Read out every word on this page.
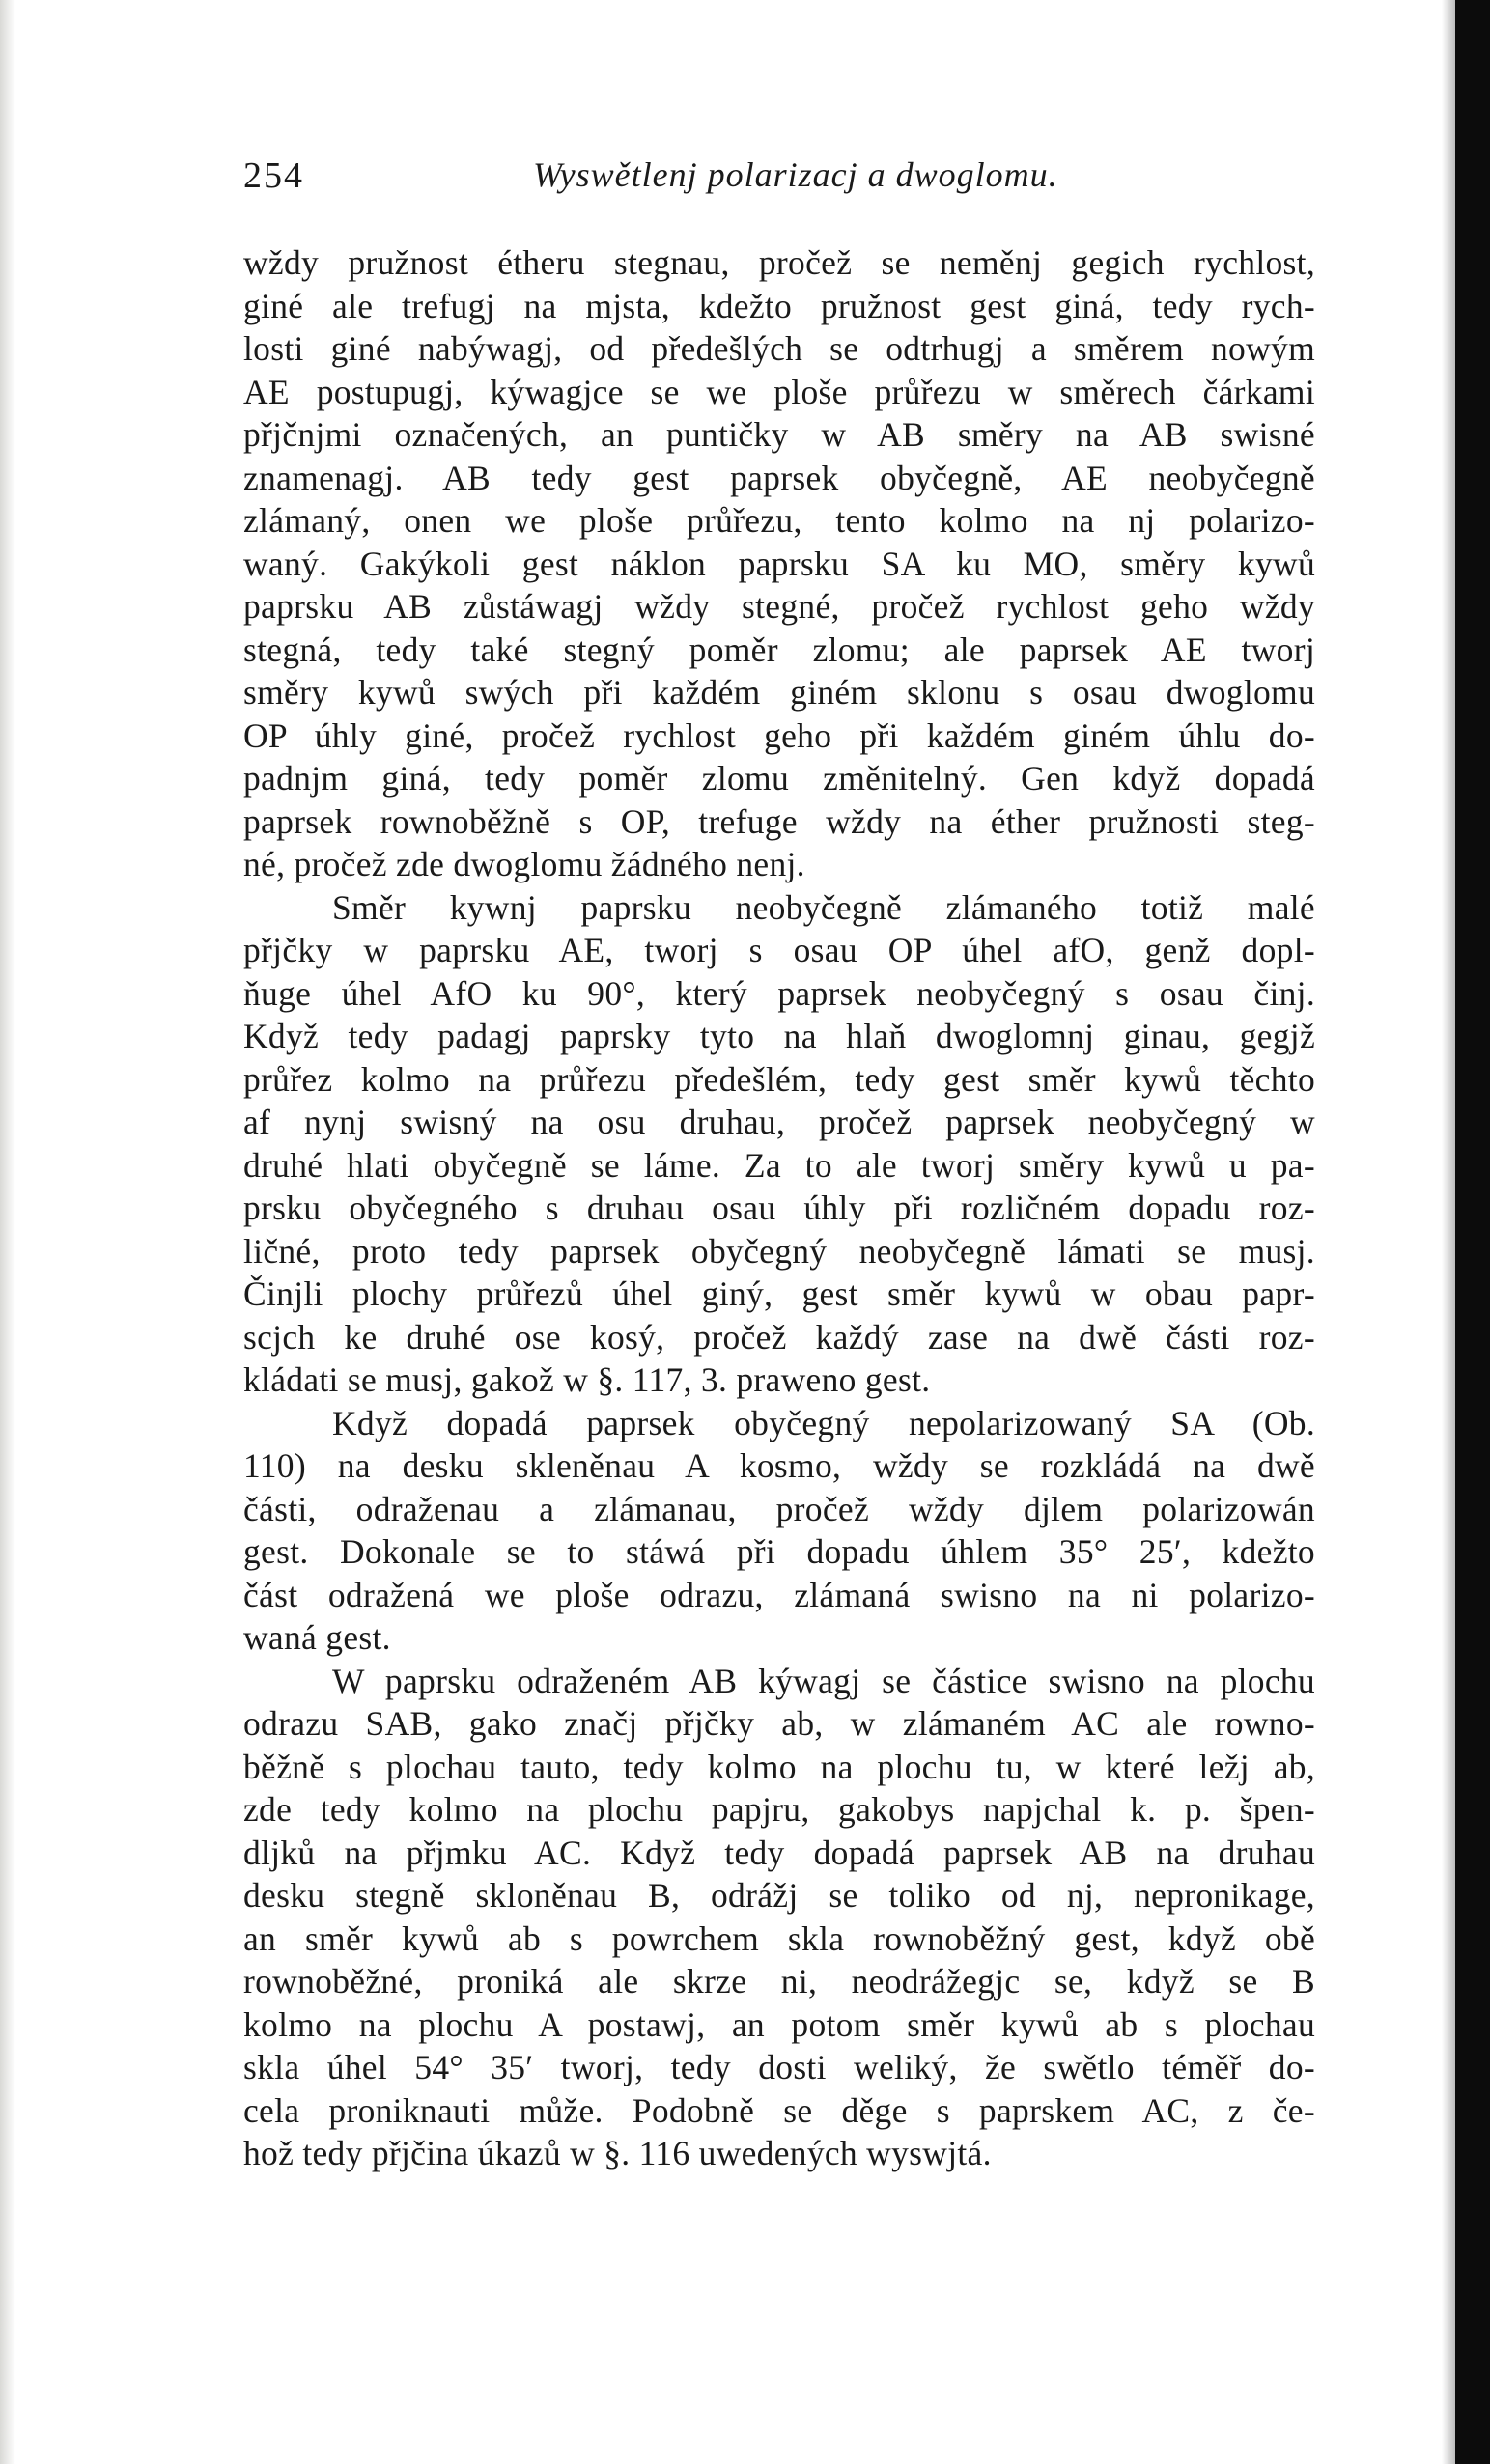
254	Wyswětlenj polarizacj a dwoglomu.
wždy pružnost étheru stegnau, pročež se neměnj gegich rychlost,
giné ale trefugj na mjsta, kdežto pružnost gest giná, tedy rych-
losti giné nabýwagj, od předešlých se odtrhugj a směrem nowým
AE postupugj, kýwagjce se we ploše průřezu w směrech čárkami
přjčnjmi označených, an puntičky w AB směry na AB swisné
znamenagj. AB tedy gest paprsek obyčegně, AE neobyčegně
zlámaný, onen we ploše průřezu, tento kolmo na nj polarizo-
waný. Gakýkoli gest náklon paprsku SA ku MO, směry kywů
paprsku AB zůstáwagj wždy stegné, pročež rychlost geho wždy
stegná, tedy také stegný poměr zlomu; ale paprsek AE tworj
směry kywů swých při každém giném sklonu s osau dwoglomu
OP úhly giné, pročež rychlost geho při každém giném úhlu do-
padnjm giná, tedy poměr zlomu změnitelný. Gen když dopadá
paprsek rownoběžně s OP, trefuge wždy na éther pružnosti steg-
né, pročež zde dwoglomu žádného nenj.
Směr kywnj paprsku neobyčegně zlámaného totiž malé
přjčky w paprsku AE, tworj s osau OP úhel afO, genž dopl-
ňuge úhel AfO ku 90°, který paprsek neobyčegný s osau činj.
Když tedy padagj paprsky tyto na hlaň dwoglomnj ginau, gegjž
průřez kolmo na průřezu předešlém, tedy gest směr kywů těchto
af nynj swisný na osu druhau, pročež paprsek neobyčegný w
druhé hlati obyčegně se láme. Za to ale tworj směry kywů u pa-
prsku obyčegného s druhau osau úhly při rozličném dopadu roz-
ličné, proto tedy paprsek obyčegný neobyčegně lámati se musj.
Činjli plochy průřezů úhel giný, gest směr kywů w obau papr-
scjch ke druhé ose kosý, pročež každý zase na dwě části roz-
kládati se musj, gakož w §. 117, 3. praweno gest.
Když dopadá paprsek obyčegný nepolarizowaný SA (Ob.
110) na desku skleněnau A kosmo, wždy se rozkládá na dwě
části, odraženau a zlámanau, pročež wždy djlem polarizowán
gest. Dokonale se to stáwá při dopadu úhlem 35° 25′, kdežto
část odražená we ploše odrazu, zlámaná swisno na ni polarizo-
waná gest.
W paprsku odraženém AB kýwagj se částice swisno na plochu
odrazu SAB, gako značj přjčky ab, w zlámaném AC ale rowno-
běžně s plochau tauto, tedy kolmo na plochu tu, w které ležj ab,
zde tedy kolmo na plochu papjru, gakobys napjchal k. p. špen-
dljků na přjmku AC. Když tedy dopadá paprsek AB na druhau
desku stegně skloněnau B, odrážj se toliko od nj, nepronikage,
an směr kywů ab s powrchem skla rownoběžný gest, když obě
rownoběžné, proniká ale skrze ni, neodrážegjc se, když se B
kolmo na plochu A postawj, an potom směr kywů ab s plochau
skla úhel 54° 35′ tworj, tedy dosti weliký, že swětlo téměř do-
cela proniknauti může. Podobně se děge s paprskem AC, z če-
hož tedy přjčina úkazů w §. 116 uwedených wyswjtá.
